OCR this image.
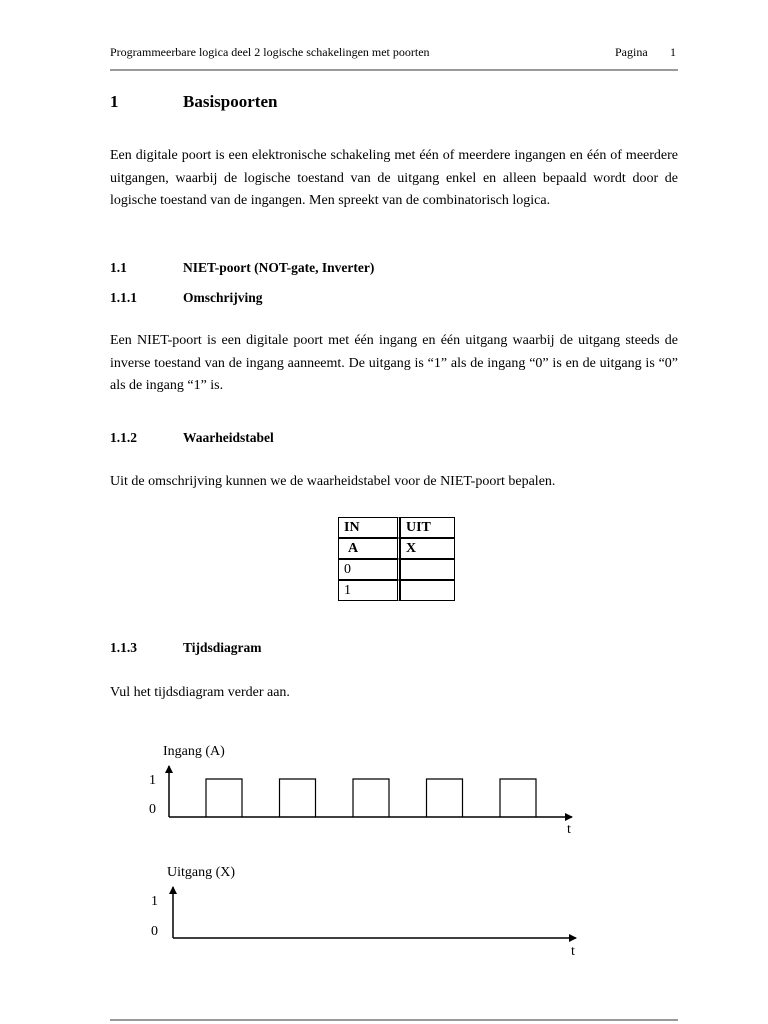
Programmeerbare logica deel 2 logische schakelingen met poorten	Pagina 1
1	Basispoorten
Een digitale poort is een elektronische schakeling met één of meerdere ingangen en één of meerdere uitgangen, waarbij de logische toestand van de uitgang enkel en alleen bepaald wordt door de logische toestand van de ingangen. Men spreekt van de combinatorisch logica.
1.1	NIET-poort (NOT-gate, Inverter)
1.1.1	Omschrijving
Een NIET-poort is een digitale poort met één ingang en één uitgang waarbij de uitgang steeds de inverse toestand van de ingang aanneemt. De uitgang is “1” als de ingang “0” is en de uitgang is “0” als de ingang “1” is.
1.1.2	Waarheidstabel
Uit de omschrijving kunnen we de waarheidstabel voor de NIET-poort bepalen.
IN	UIT
A	X
0	
1	
1.1.3	Tijdsdiagram
Vul het tijdsdiagram verder aan.
Ingang (A)
1
0
t
Uitgang (X)
1
0
t
